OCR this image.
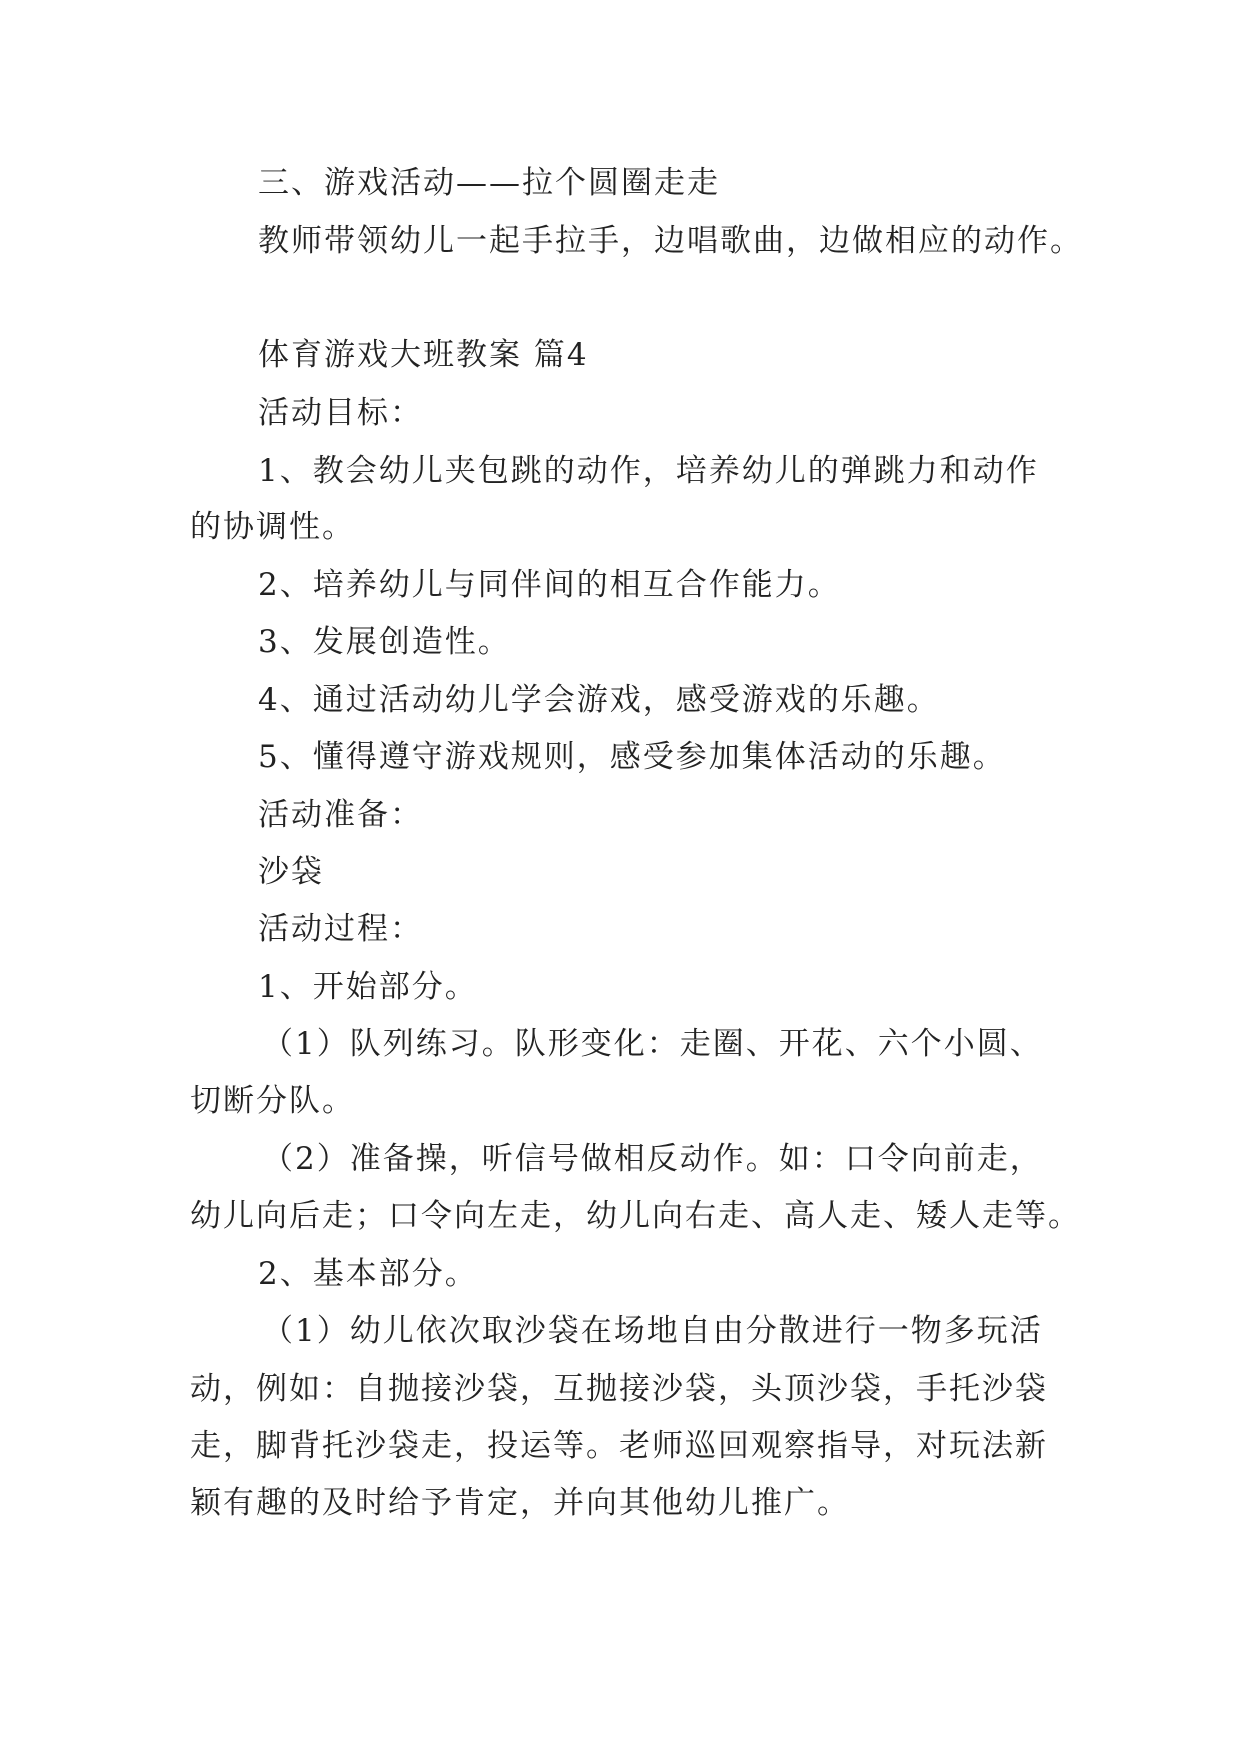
三、游戏活动——拉个圆圈走走
教师带领幼儿一起手拉手，边唱歌曲，边做相应的动作。
体育游戏大班教案 篇4
活动目标：
1、教会幼儿夹包跳的动作，培养幼儿的弹跳力和动作
的协调性。
2、培养幼儿与同伴间的相互合作能力。
3、发展创造性。
4、通过活动幼儿学会游戏，感受游戏的乐趣。
5、懂得遵守游戏规则，感受参加集体活动的乐趣。
活动准备：
沙袋
活动过程：
1、开始部分。
（1）队列练习。队形变化：走圈、开花、六个小圆、
切断分队。
（2）准备操，听信号做相反动作。如：口令向前走，
幼儿向后走；口令向左走，幼儿向右走、高人走、矮人走等。
2、基本部分。
（1）幼儿依次取沙袋在场地自由分散进行一物多玩活
动，例如：自抛接沙袋，互抛接沙袋，头顶沙袋，手托沙袋
走，脚背托沙袋走，投运等。老师巡回观察指导，对玩法新
颖有趣的及时给予肯定，并向其他幼儿推广。
